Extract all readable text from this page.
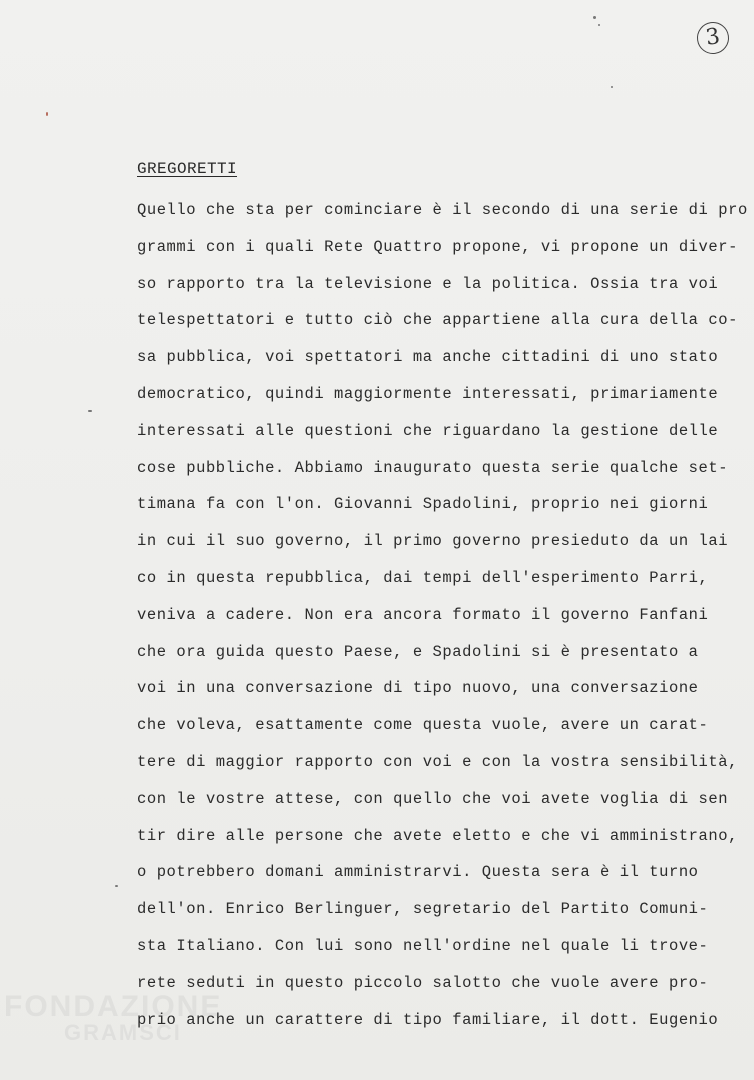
3
GREGORETTI
Quello che sta per cominciare è il secondo di una serie di pro
grammi con i quali Rete Quattro propone, vi propone un diver-
so rapporto tra la televisione e la politica. Ossia tra voi
telespettatori e tutto ciò che appartiene alla cura della co-
sa pubblica, voi spettatori ma anche cittadini di uno stato
democratico, quindi maggiormente interessati, primariamente
interessati alle questioni che riguardano la gestione delle
cose pubbliche. Abbiamo inaugurato questa serie qualche set-
timana fa con l'on. Giovanni Spadolini, proprio nei giorni
in cui il suo governo, il primo governo presieduto da un lai
co in questa repubblica, dai tempi dell'esperimento Parri,
veniva a cadere. Non era ancora formato il governo Fanfani
che ora guida questo Paese, e Spadolini si è presentato a
voi in una conversazione di tipo nuovo, una conversazione
che voleva, esattamente come questa vuole, avere un carat-
tere di maggior rapporto con voi e con la vostra sensibilità,
con le vostre attese, con quello che voi avete voglia di sen
tir dire alle persone che avete eletto e che vi amministrano,
o potrebbero domani amministrarvi. Questa sera è il turno
dell'on. Enrico Berlinguer, segretario del Partito Comuni-
sta Italiano. Con lui sono nell'ordine nel quale li trove-
rete seduti in questo piccolo salotto che vuole avere pro-
prio anche un carattere di tipo familiare, il dott. Eugenio
FONDAZIONE
GRAMSCI
